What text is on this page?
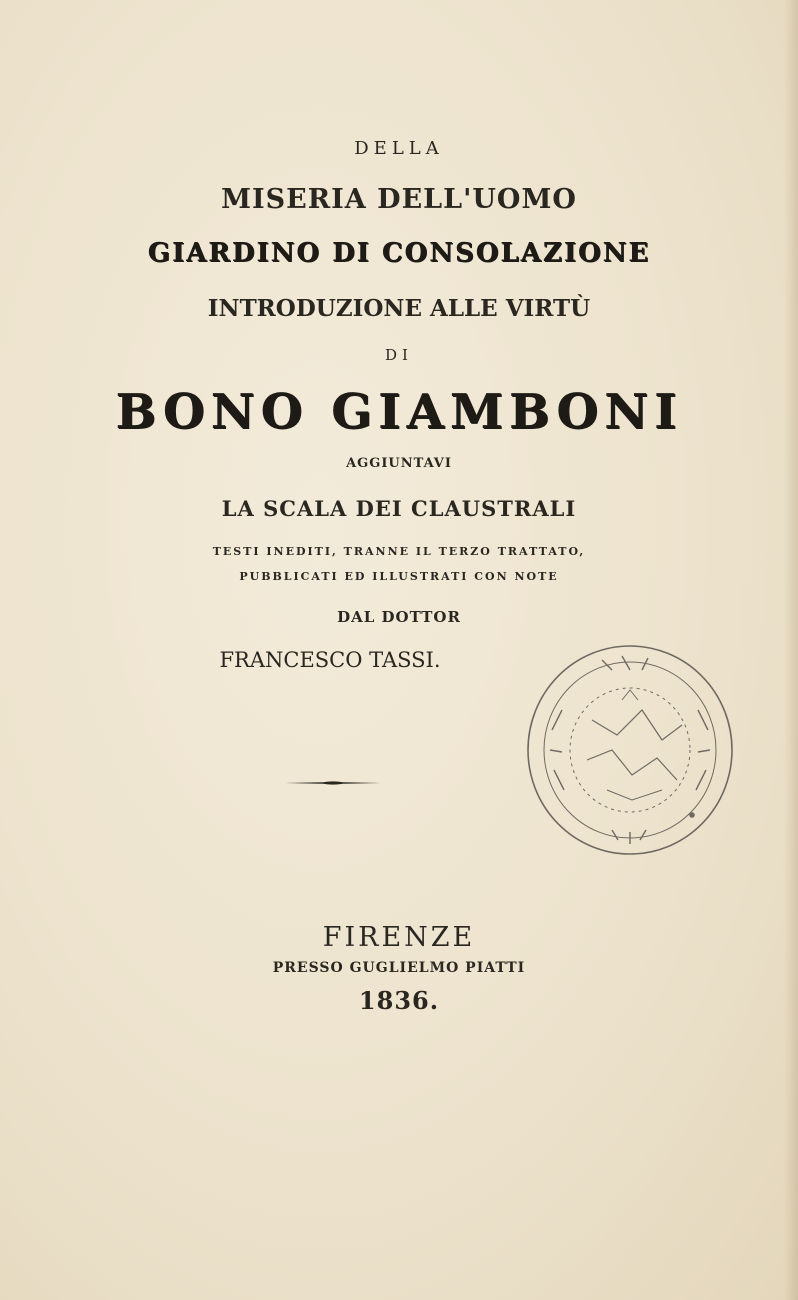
DELLA

MISERIA DELL'UOMO

GIARDINO DI CONSOLAZIONE

INTRODUZIONE ALLE VIRTÙ

DI

BONO GIAMBONI

AGGIUNTAVI

LA SCALA DEI CLAUSTRALI

TESTI INEDITI, TRANNE IL TERZO TRATTATO,

PUBBLICATI ED ILLUSTRATI CON NOTE

DAL DOTTOR

FRANCESCO TASSI.

FIRENZE

PRESSO GUGLIELMO PIATTI

1836.
